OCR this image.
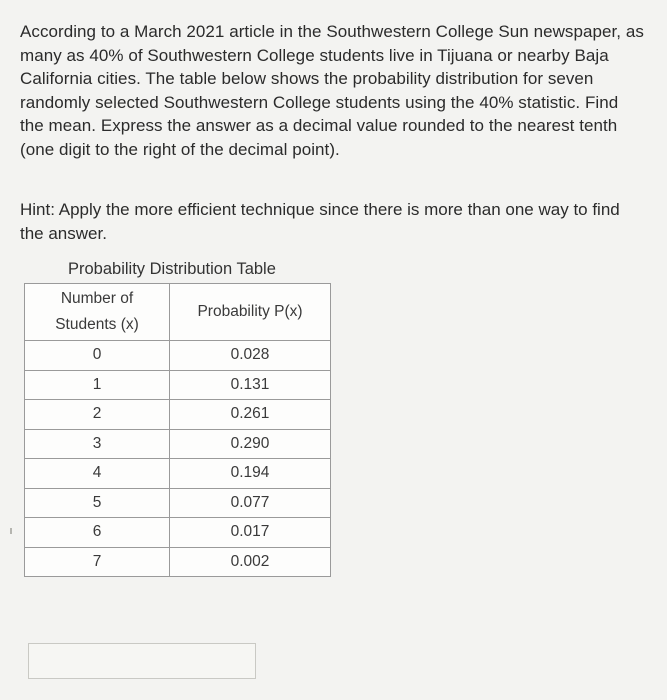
According to a March 2021 article in the Southwestern College Sun newspaper, as

many as 40% of Southwestern College students live in Tijuana or nearby Baja

California cities. The table below shows the probability distribution for seven

randomly selected Southwestern College students using the 40% statistic. Find

the mean. Express the answer as a decimal value rounded to the nearest tenth

(one digit to the right of the decimal point).

Hint: Apply the more efficient technique since there is more than one way to find

the answer.

Probability Distribution Table
Number of
Students (x)	Probability P(x)
0	0.028
1	0.131
2	0.261
3	0.290
4	0.194
5	0.077
6	0.017
7	0.002
